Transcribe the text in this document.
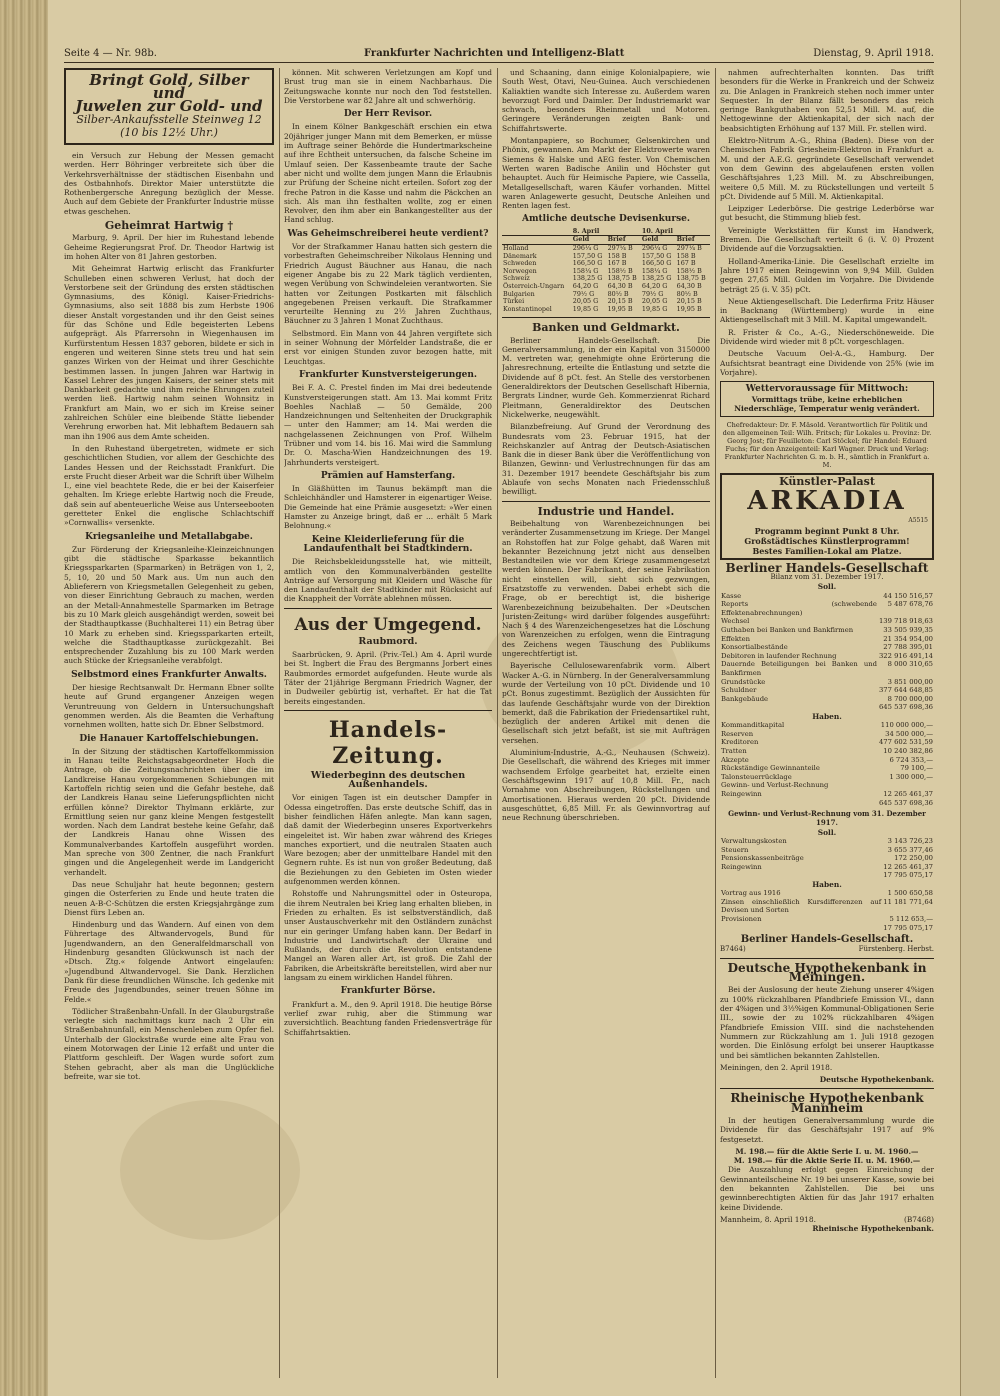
Seite 4 — Nr. 98b.	Frankfurter Nachrichten und Intelligenz-Blatt	Dienstag, 9. April 1918.
Bringt Gold, Silber und
Juwelen zur Gold- und
Silber-Ankaufsstelle Steinweg 12
(10 bis 12½ Uhr.)

ein Versuch zur Hebung der Messen gemacht werden. Herr Böhringer verbreitete sich über die Verkehrsverhältnisse der städtischen Eisenbahn und des Ostbahnhofs. Direktor Maier unterstützte die Rothenbergersche Anregung bezüglich der Messe. Auch auf dem Gebiete der Frankfurter Industrie müsse etwas geschehen.

Geheimrat Hartwig †

Marburg, 9. April. Der hier im Ruhestand lebende Geheime Regierungsrat Prof. Dr. Theodor Hartwig ist im hohen Alter von 81 Jahren gestorben.

Mit Geheimrat Hartwig erlischt das Frankfurter Schulleben einen schweren Verlust, hat doch der Verstorbene seit der Gründung des ersten städtischen Gymnasiums, des Königl. Kaiser-Friedrichs-Gymnasiums, also seit 1888 bis zum Herbste 1906 dieser Anstalt vorgestanden und ihr den Geist seines für das Schöne und Edle begeisterten Lebens aufgeprägt. Als Pfarrersohn in Wiegenhausen im Kurfürstentum Hessen 1837 geboren, bildete er sich in engeren und weiteren Sinne stets treu und hat sein ganzes Wirken von der Heimat und ihrer Geschichte bestimmen lassen. In jungen Jahren war Hartwig in Kassel Lehrer des jungen Kaisers, der seiner stets mit Dankbarkeit gedachte und ihm reiche Ehrungen zuteil werden ließ. Hartwig nahm seinen Wohnsitz in Frankfurt am Main, wo er sich im Kreise seiner zahlreichen Schüler eine bleibende Stätte liebender Verehrung erworben hat. Mit lebhaftem Bedauern sah man ihn 1906 aus dem Amte scheiden.

In den Ruhestand übergetreten, widmete er sich geschichtlichen Studien, vor allem der Geschichte des Landes Hessen und der Reichsstadt Frankfurt. Die erste Frucht dieser Arbeit war die Schrift über Wilhelm I., eine viel beachtete Rede, die er bei der Kaiserfeier gehalten. Im Kriege erlebte Hartwig noch die Freude, daß sein auf abenteuerliche Weise aus Unterseebooten geretteter Enkel die englische Schlachtschiff »Cornwallis« versenkte.

Kriegsanleihe und Metallabgabe.

Zur Förderung der Kriegsanleihe-Kleinzeichnungen gibt die städtische Sparkasse bekanntlich Kriegssparkarten (Sparmarken) in Beträgen von 1, 2, 5, 10, 20 und 50 Mark aus. Um nun auch den Ablieferern von Kriegsmetallen Gelegenheit zu geben, von dieser Einrichtung Gebrauch zu machen, werden an der Metall-Annahmestelle Sparmarken im Betrage bis zu 10 Mark gleich ausgehändigt werden, soweit bei der Stadthauptkasse (Buchhalterei 11) ein Betrag über 10 Mark zu erheben sind. Kriegssparkarten erteilt, welche die Stadthauptkasse zurückgezahlt. Bei entsprechender Zuzahlung bis zu 100 Mark werden auch Stücke der Kriegsanleihe verabfolgt.

Selbstmord eines Frankfurter Anwalts.

Der hiesige Rechtsanwalt Dr. Hermann Ebner sollte heute auf Grund ergangener Anzeigen wegen Veruntreuung von Geldern in Untersuchungshaft genommen werden. Als die Beamten die Verhaftung vornehmen wollten, hatte sich Dr. Ebner Selbstmord.

Die Hanauer Kartoffelschiebungen.

In der Sitzung der städtischen Kartoffelkommission in Hanau teilte Reichstagsabgeordneter Hoch die Antrage, ob die Zeitungsnachrichten über die im Landkreise Hanau vorgekommenen Schiebungen mit Kartoffeln richtig seien und die Gefahr bestehe, daß der Landkreis Hanau seine Lieferungspflichten nicht erfüllen könne? Direktor Thylmann erklärte, zur Ermittlung seien nur ganz kleine Mengen festgestellt worden. Nach dem Landrat bestehe keine Gefahr, daß der Landkreis Hanau ohne Wissen des Kommunalverbandes Kartoffeln ausgeführt worden. Man spreche von 300 Zentner, die nach Frankfurt gingen und die Angelegenheit werde im Landgericht verhandelt.

Das neue Schuljahr hat heute begonnen; gestern gingen die Osterferien zu Ende und heute traten die neuen A-B-C-Schützen die ersten Kriegsjahrgänge zum Dienst fürs Leben an.

Hindenburg und das Wandern. Auf einen von dem Führertage des Altwandervogels, Bund für Jugendwandern, an den Generalfeldmarschall von Hindenburg gesandten Glückwunsch ist nach der »Dtsch. Ztg.« folgende Antwort eingelaufen: »Jugendbund Altwandervogel. Sie Dank. Herzlichen Dank für diese freundlichen Wünsche. Ich gedenke mit Freude des Jugendbundes, seiner treuen Söhne im Felde.«

Tödlicher Straßenbahn-Unfall. In der Glauburgstraße verlegte sich nachmittags kurz nach 2 Uhr ein Straßenbahnunfall, ein Menschenleben zum Opfer fiel. Unterhalb der Glockstraße wurde eine alte Frau von einem Motorwagen der Linie 12 erfaßt und unter die Plattform geschleift. Der Wagen wurde sofort zum Stehen gebracht, aber als man die Unglückliche befreite, war sie tot.

können. Mit schweren Verletzungen am Kopf und Brust trug man sie in einem Nachbarhaus. Die Zeitungswache konnte nur noch den Tod feststellen. Die Verstorbene war 82 Jahre alt und schwerhörig.

Der Herr Revisor.

In einem Kölner Bankgeschäft erschien ein etwa 20jähriger junger Mann mit dem Bemerken, er müsse im Auftrage seiner Behörde die Hundertmarkscheine auf ihre Echtheit untersuchen, da falsche Scheine im Umlauf seien. Der Kassenbeamte traute der Sache aber nicht und wollte dem jungen Mann die Erlaubnis zur Prüfung der Scheine nicht erteilen. Sofort zog der freche Patron in die Kasse und nahm die Päckchen an sich. Als man ihn festhalten wollte, zog er einen Revolver, den ihm aber ein Bankangestellter aus der Hand schlug.

Was Geheimschreiberei heute verdient?

Vor der Strafkammer Hanau hatten sich gestern die vorbestraften Geheimschreiber Nikolaus Henning und Friedrich August Bäuchner aus Hanau, die nach eigener Angabe bis zu 22 Mark täglich verdienten, wegen Verübung von Schwindeleien verantworten. Sie hatten vor Zeitungen Postkarten mit fälschlich angegebenen Preisen verkauft. Die Strafkammer verurteilte Henning zu 2½ Jahren Zuchthaus, Bäuchner zu 3 Jahren 1 Monat Zuchthaus.

Selbstmord. Ein Mann von 44 Jahren vergiftete sich in seiner Wohnung der Mörfelder Landstraße, die er erst vor einigen Stunden zuvor bezogen hatte, mit Leuchtgas.

Frankfurter Kunstversteigerungen.

Bei F. A. C. Prestel finden im Mai drei bedeutende Kunstversteigerungen statt. Am 13. Mai kommt Fritz Boehles Nachlaß — 50 Gemälde, 200 Handzeichnungen und Seltenheiten der Druckgraphik — unter den Hammer; am 14. Mai werden die nachgelassenen Zeichnungen von Prof. Wilhelm Trübner und vom 14. bis 16. Mai wird die Sammlung Dr. O. Mascha-Wien Handzeichnungen des 19. Jahrhunderts versteigert.

Prämien auf Hamsterfang.

In Gläßhütten im Taunus bekämpft man die Schleichhändler und Hamsterer in eigenartiger Weise. Die Gemeinde hat eine Prämie ausgesetzt: »Wer einen Hamster zu Anzeige bringt, daß er ... erhält 5 Mark Belohnung.«

Keine Kleiderlieferung für die Landaufenthalt bei Stadtkindern.

Die Reichsbekleidungsstelle hat, wie mitteilt, amtlich von den Kommunalverbänden gestellte Anträge auf Versorgung mit Kleidern und Wäsche für den Landaufenthalt der Stadtkinder mit Rücksicht auf die Knappheit der Vorräte ablehnen müssen.

Aus der Umgegend.
Raubmord.

Saarbrücken, 9. April. (Priv.-Tel.) Am 4. April wurde bei St. Ingbert die Frau des Bergmanns Jorbert eines Raubmordes ermordet aufgefunden. Heute wurde als Täter der 21jährige Bergmann Friedrich Wagner, der in Dudweiler gebürtig ist, verhaftet. Er hat die Tat bereits eingestanden.

Handels-Zeitung.
Wiederbeginn des deutschen Außenhandels.

Vor einigen Tagen ist ein deutscher Dampfer in Odessa eingetroffen. Das erste deutsche Schiff, das in bisher feindlichen Häfen anlegte. Man kann sagen, daß damit der Wiederbeginn unseres Exportverkehrs eingeleitet ist. Wir haben zwar während des Krieges manches exportiert, und die neutralen Staaten auch Ware bezogen; aber der unmittelbare Handel mit den Gegnern ruhte. Es ist nun von großer Bedeutung, daß die Beziehungen zu den Gebieten im Osten wieder aufgenommen werden können.

Rohstoffe und Nahrungsmittel oder in Osteuropa, die ihrem Neutralen bei Krieg lang erhalten blieben, in Frieden zu erhalten. Es ist selbstverständlich, daß unser Austauschverkehr mit den Ostländern zunächst nur ein geringer Umfang haben kann. Der Bedarf in Industrie und Landwirtschaft der Ukraine und Rußlands, der durch die Revolution entstandene Mangel an Waren aller Art, ist groß. Die Zahl der Fabriken, die Arbeitskräfte bereitstellen, wird aber nur langsam zu einem wirklichen Handel führen.

Frankfurter Börse.

Frankfurt a. M., den 9. April 1918. Die heutige Börse verlief zwar ruhig, aber die Stimmung war zuversichtlich. Beachtung fanden Friedensverträge für Schiffahrtsaktien.

und Schaaning, dann einige Kolonialpapiere, wie South West, Otavi, Neu-Guinea. Auch verschiedenen Kaliaktien wandte sich Interesse zu. Außerdem waren bevorzugt Ford und Daimler. Der Industriemarkt war schwach, besonders Rheinmetall und Motoren. Geringere Veränderungen zeigten Bank- und Schiffahrtswerte.

Montanpapiere, so Bochumer, Gelsenkirchen und Phönix, gewannen. Am Markt der Elektrowerte waren Siemens & Halske und AEG fester. Von Chemischen Werten waren Badische Anilin und Höchster gut behauptet. Auch für Heimische Papiere, wie Cassella, Metallgesellschaft, waren Käufer vorhanden. Mittel waren Anlagewerte gesucht, Deutsche Anleihen und Renten lagen fest.

Amtliche deutsche Devisenkurse.
	8. April		10. April	
	Geld	Brief	Geld	Brief
Holland	296¼ G	297¼ B	296¼ G	297¼ B
Dänemark	157,50 G	158 B	157,50 G	158 B
Schweden	166,50 G	167 B	166,50 G	167 B
Norwegen	158¼ G	158½ B	158¼ G	158½ B
Schweiz	138,25 G	138,75 B	138,25 G	138,75 B
Österreich-Ungarn	64,20 G	64,30 B	64,20 G	64,30 B
Bulgarien	79½ G	80½ B	79½ G	80½ B
Türkei	20,05 G	20,15 B	20,05 G	20,15 B
Konstantinopel	19,85 G	19,95 B	19,85 G	19,95 B
Banken und Geldmarkt.

Berliner Handels-Gesellschaft. Die Generalversammlung, in der ein Kapital von 3150000 M. vertreten war, genehmigte ohne Erörterung die Jahresrechnung, erteilte die Entlastung und setzte die Dividende auf 8 pCt. fest. An Stelle des verstorbenen Generaldirektors der Deutschen Gesellschaft Hibernia, Bergrats Lindner, wurde Geh. Kommerzienrat Richard Pleitmann, Generaldirektor des Deutschen Nickelwerke, neugewählt.

Bilanzbefreiung. Auf Grund der Verordnung des Bundesrats vom 23. Februar 1915, hat der Reichskanzler auf Antrag der Deutsch-Asiatischen Bank die in dieser Bank über die Veröffentlichung von Bilanzen, Gewinn- und Verlustrechnungen für das am 31. Dezember 1917 beendete Geschäftsjahr bis zum Ablaufe von sechs Monaten nach Friedensschluß bewilligt.

Industrie und Handel.

Beibehaltung von Warenbezeichnungen bei veränderter Zusammensetzung im Kriege. Der Mangel an Rohstoffen hat zur Folge gehabt, daß Waren mit bekannter Bezeichnung jetzt nicht aus denselben Bestandteilen wie vor dem Kriege zusammengesetzt werden können. Der Fabrikant, der seine Fabrikation nicht einstellen will, sieht sich gezwungen, Ersatzstoffe zu verwenden. Dabei erhebt sich die Frage, ob er berechtigt ist, die bisherige Warenbezeichnung beizubehalten. Der »Deutschen Juristen-Zeitung« wird darüber folgendes ausgeführt: Nach § 4 des Warenzeichengesetzes hat die Löschung von Warenzeichen zu erfolgen, wenn die Eintragung des Zeichens wegen Täuschung des Publikums ungerechtfertigt ist.

Bayerische Cellulosewarenfabrik vorm. Albert Wacker A.-G. in Nürnberg. In der Generalversammlung wurde der Verteilung von 10 pCt. Dividende und 10 pCt. Bonus zugestimmt. Bezüglich der Aussichten für das laufende Geschäftsjahr wurde von der Direktion bemerkt, daß die Fabrikation der Friedensartikel ruht, bezüglich der anderen Artikel mit denen die Gesellschaft sich jetzt befaßt, ist sie mit Aufträgen versehen.

Aluminium-Industrie, A.-G., Neuhausen (Schweiz). Die Gesellschaft, die während des Krieges mit immer wachsendem Erfolge gearbeitet hat, erzielte einen Geschäftsgewinn 1917 auf 10,8 Mill. Fr., nach Vornahme von Abschreibungen, Rückstellungen und Amortisationen. Hieraus werden 20 pCt. Dividende ausgeschüttet, 6,85 Mill. Fr. als Gewinnvortrag auf neue Rechnung überschrieben.

nahmen aufrechterhalten konnten. Das trifft besonders für die Werke in Frankreich und der Schweiz zu. Die Anlagen in Frankreich stehen noch immer unter Sequester. In der Bilanz fällt besonders das reich geringe Bankguthaben von 52,51 Mill. M. auf, die Nettogewinne der Aktienkapital, der sich nach der beabsichtigten Erhöhung auf 137 Mill. Fr. stellen wird.

Elektro-Nitrum A.-G., Rhina (Baden). Diese von der Chemischen Fabrik Griesheim-Elektron in Frankfurt a. M. und der A.E.G. gegründete Gesellschaft verwendet von dem Gewinn des abgelaufenen ersten vollen Geschäftsjahres 1,23 Mill. M. zu Abschreibungen, weitere 0,5 Mill. M. zu Rückstellungen und verteilt 5 pCt. Dividende auf 5 Mill. M. Aktienkapital.

Leipziger Lederbörse. Die gestrige Lederbörse war gut besucht, die Stimmung blieb fest.

Vereinigte Werkstätten für Kunst im Handwerk, Bremen. Die Gesellschaft verteilt 6 (i. V. 0) Prozent Dividende auf die Vorzugsaktien.

Holland-Amerika-Linie. Die Gesellschaft erzielte im Jahre 1917 einen Reingewinn von 9,94 Mill. Gulden gegen 27,65 Mill. Gulden im Vorjahre. Die Dividende beträgt 25 (i. V. 35) pCt.

Neue Aktiengesellschaft. Die Lederfirma Fritz Häuser in Backnang (Württemberg) wurde in eine Aktiengesellschaft mit 3 Mill. M. Kapital umgewandelt.

R. Frister & Co., A.-G., Niederschöneweide. Die Dividende wird wieder mit 8 pCt. vorgeschlagen.

Deutsche Vacuum Oel-A.-G., Hamburg. Der Aufsichtsrat beantragt eine Dividende von 25% (wie im Vorjahre).

Wettervoraussage für Mittwoch:
Vormittags trübe, keine erheblichen Niederschläge, Temperatur wenig verändert.

Chefredakteur: Dr. F. Mäsold. Verantwortlich für Politik und den allgemeinen Teil: Wilh. Fritsch; für Lokales u. Provinz: Dr. Georg Jost; für Feuilleton: Carl Stöckel; für Handel: Eduard Fuchs; für den Anzeigenteil: Karl Wagner. Druck und Verlag: Frankfurter Nachrichten G. m. b. H., sämtlich in Frankfurt a. M.

Künstler-Palast
ARKADIA
A5515
Programm beginnt Punkt 8 Uhr.
Großstädtisches Künstlerprogramm!
Bestes Familien-Lokal am Platze.
Berliner Handels-Gesellschaft
Bilanz vom 31. Dezember 1917.
Soll.
Kasse	44 150 516,57
Reports (schwebende Effektenabrechnungen)	5 487 678,76
Wechsel	139 718 918,63
Guthaben bei Banken und Bankfirmen	33 505 939,35
Effekten	21 354 954,00
Konsortialbestände	27 788 395,01
Debitoren in laufender Rechnung	322 916 491,14
Dauernde Beteiligungen bei Banken und Bankfirmen	8 000 310,65
Grundstücke	3 851 000,00
Schuldner	377 644 648,85
Bankgebäude	8 700 000,00
	645 537 698,36
Haben.
Kommanditkapital	110 000 000,—
Reserven	34 500 000,—
Kreditoren	477 602 531,59
Tratten	10 240 382,86
Akzepte	6 724 353,—
Rückständige Gewinnanteile	79 100,—
Talonsteuerrücklage	1 300 000,—
Gewinn- und Verlust-Rechnung	
Reingewinn	12 265 461,37
	645 537 698,36
Gewinn- und Verlust-Rechnung vom 31. Dezember 1917.
Soll.
Verwaltungskosten	3 143 726,23
Steuern	3 655 377,46
Pensionskassenbeiträge	172 250,00
Reingewinn	12 265 461,37
	17 795 075,17
Haben.
Vortrag aus 1916	1 500 650,58
Zinsen einschließlich Kursdifferenzen auf Devisen und Sorten	11 181 771,64
Provisionen	5 112 653,—
	17 795 075,17
Berliner Handels-Gesellschaft.
B7464)	Fürstenberg. Herbst.
Deutsche Hypothekenbank in Meiningen.

Bei der Auslosung der heute Ziehung unserer 4%igen zu 100% rückzahlbaren Pfandbriefe Emission VI., dann der 4%igen und 3½%igen Kommunal-Obligationen Serie III., sowie der zu 102% rückzahlbaren 4%igen Pfandbriefe Emission VIII. sind die nachstehenden Nummern zur Rückzahlung am 1. Juli 1918 gezogen worden. Die Einlösung erfolgt bei unserer Hauptkasse und bei sämtlichen bekannten Zahlstellen.

Meiningen, den 2. April 1918.

Deutsche Hypothekenbank.
Rheinische Hypothekenbank Mannheim

In der heutigen Generalversammlung wurde die Dividende für das Geschäftsjahr 1917 auf 9% festgesetzt.

M. 198.— für die Aktie Serie I. u. M. 1960.—
M. 198.— für die Aktie Serie II. u. M. 1960.—

Die Auszahlung erfolgt gegen Einreichung der Gewinnanteilscheine Nr. 19 bei unserer Kasse, sowie bei den bekannten Zahlstellen. Die bei uns gewinnberechtigten Aktien für das Jahr 1917 erhalten keine Dividende.

Mannheim, 8. April 1918.	(B7468)
Rheinische Hypothekenbank.
